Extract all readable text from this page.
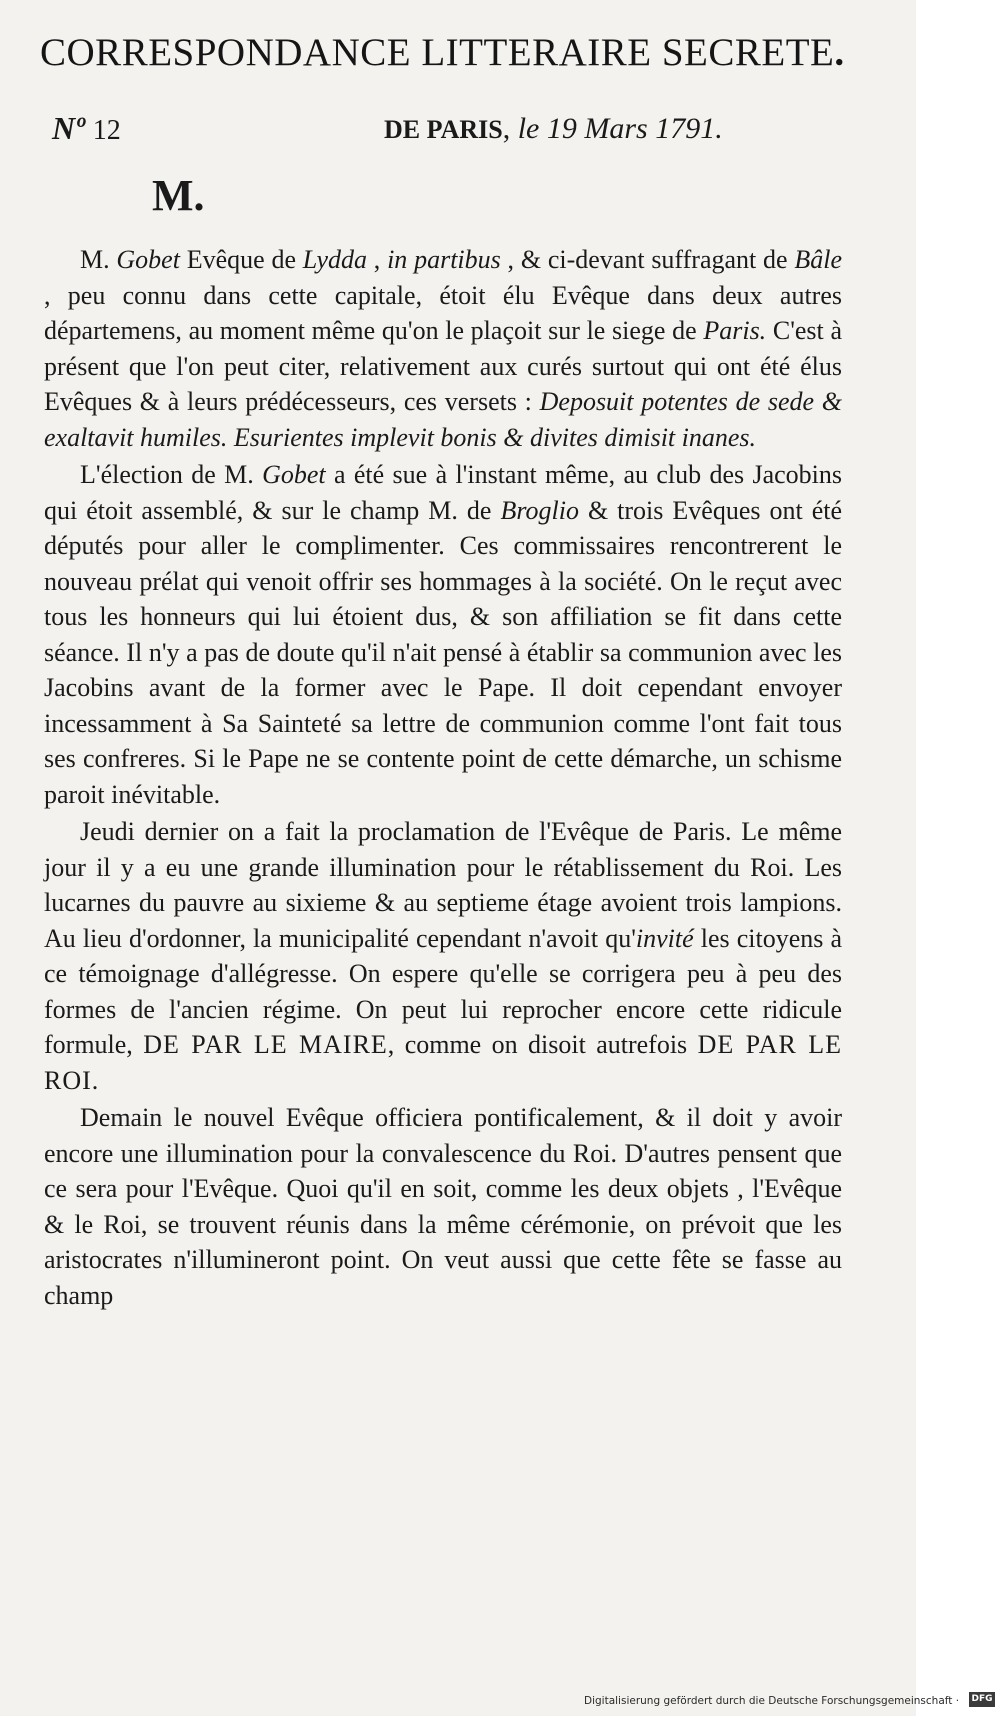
CORRESPONDANCE LITTERAIRE SECRETE.
Nº 12	DE PARIS, le 19 Mars 1791.
M.

M. Gobet Evêque de Lydda , in partibus , & ci-devant suffragant de Bâle , peu connu dans cette capitale, étoit élu Evêque dans deux autres départemens, au moment même qu'on le plaçoit sur le siege de Paris. C'est à présent que l'on peut citer, relativement aux curés surtout qui ont été élus Evêques & à leurs prédécesseurs, ces versets : Deposuit potentes de sede & exaltavit humiles. Esurientes implevit bonis & divites dimisit inanes.

L'élection de M. Gobet a été sue à l'instant même, au club des Jacobins qui étoit assemblé, & sur le champ M. de Broglio & trois Evêques ont été députés pour aller le complimenter. Ces commissaires rencontrerent le nouveau prélat qui venoit offrir ses hommages à la société. On le reçut avec tous les honneurs qui lui étoient dus, & son affiliation se fit dans cette séance. Il n'y a pas de doute qu'il n'ait pensé à établir sa communion avec les Jacobins avant de la former avec le Pape. Il doit cependant envoyer incessamment à Sa Sainteté sa lettre de communion comme l'ont fait tous ses confreres. Si le Pape ne se contente point de cette démarche, un schisme paroit inévitable.

Jeudi dernier on a fait la proclamation de l'Evêque de Paris. Le même jour il y a eu une grande illumination pour le rétablissement du Roi. Les lucarnes du pauvre au sixieme & au septieme étage avoient trois lampions. Au lieu d'ordonner, la municipalité cependant n'avoit qu'invité les citoyens à ce témoignage d'allégresse. On espere qu'elle se corrigera peu à peu des formes de l'ancien régime. On peut lui reprocher encore cette ridicule formule, DE PAR LE MAIRE, comme on disoit autrefois DE PAR LE ROI.

Demain le nouvel Evêque officiera pontificalement, & il doit y avoir encore une illumination pour la convalescence du Roi. D'autres pensent que ce sera pour l'Evêque. Quoi qu'il en soit, comme les deux objets , l'Evêque & le Roi, se trouvent réunis dans la même cérémonie, on prévoit que les aristocrates n'illumineront point. On veut aussi que cette fête se fasse au champ

Digitalisierung gefördert durch die Deutsche Forschungsgemeinschaft · DFG
